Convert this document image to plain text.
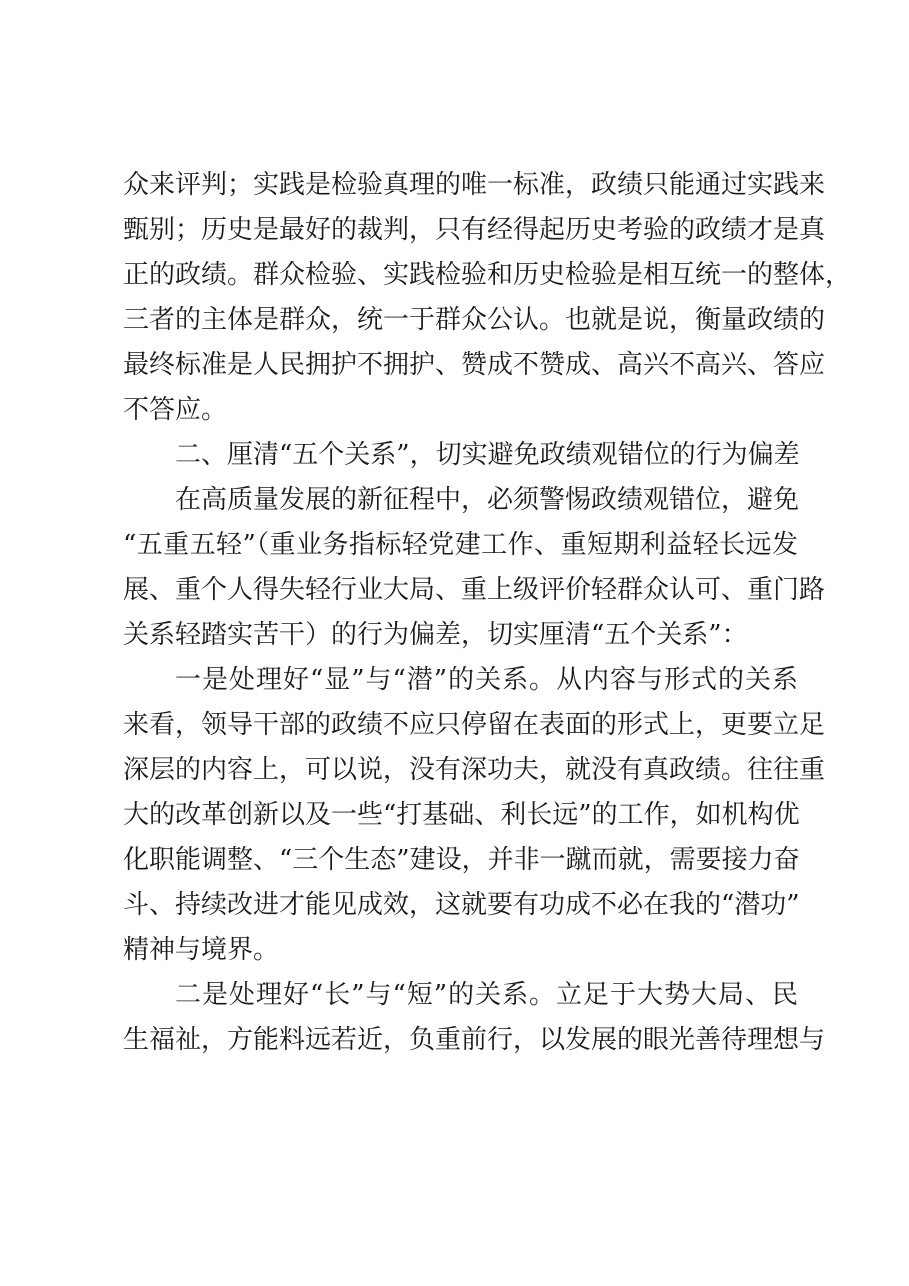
众来评判；实践是检验真理的唯一标准，政绩只能通过实践来
甄别；历史是最好的裁判，只有经得起历史考验的政绩才是真
正的政绩。群众检验、实践检验和历史检验是相互统一的整体，
三者的主体是群众，统一于群众公认。也就是说，衡量政绩的
最终标准是人民拥护不拥护、赞成不赞成、高兴不高兴、答应
不答应。
二、厘清“五个关系”，切实避免政绩观错位的行为偏差
在高质量发展的新征程中，必须警惕政绩观错位，避免
“五重五轻”（重业务指标轻党建工作、重短期利益轻长远发
展、重个人得失轻行业大局、重上级评价轻群众认可、重门路
关系轻踏实苦干）的行为偏差，切实厘清“五个关系”：
一是处理好“显”与“潜”的关系。从内容与形式的关系
来看，领导干部的政绩不应只停留在表面的形式上，更要立足
深层的内容上，可以说，没有深功夫，就没有真政绩。往往重
大的改革创新以及一些“打基础、利长远”的工作，如机构优
化职能调整、“三个生态”建设，并非一蹴而就，需要接力奋
斗、持续改进才能见成效，这就要有功成不必在我的“潜功”
精神与境界。
二是处理好“长”与“短”的关系。立足于大势大局、民
生福祉，方能料远若近，负重前行，以发展的眼光善待理想与
